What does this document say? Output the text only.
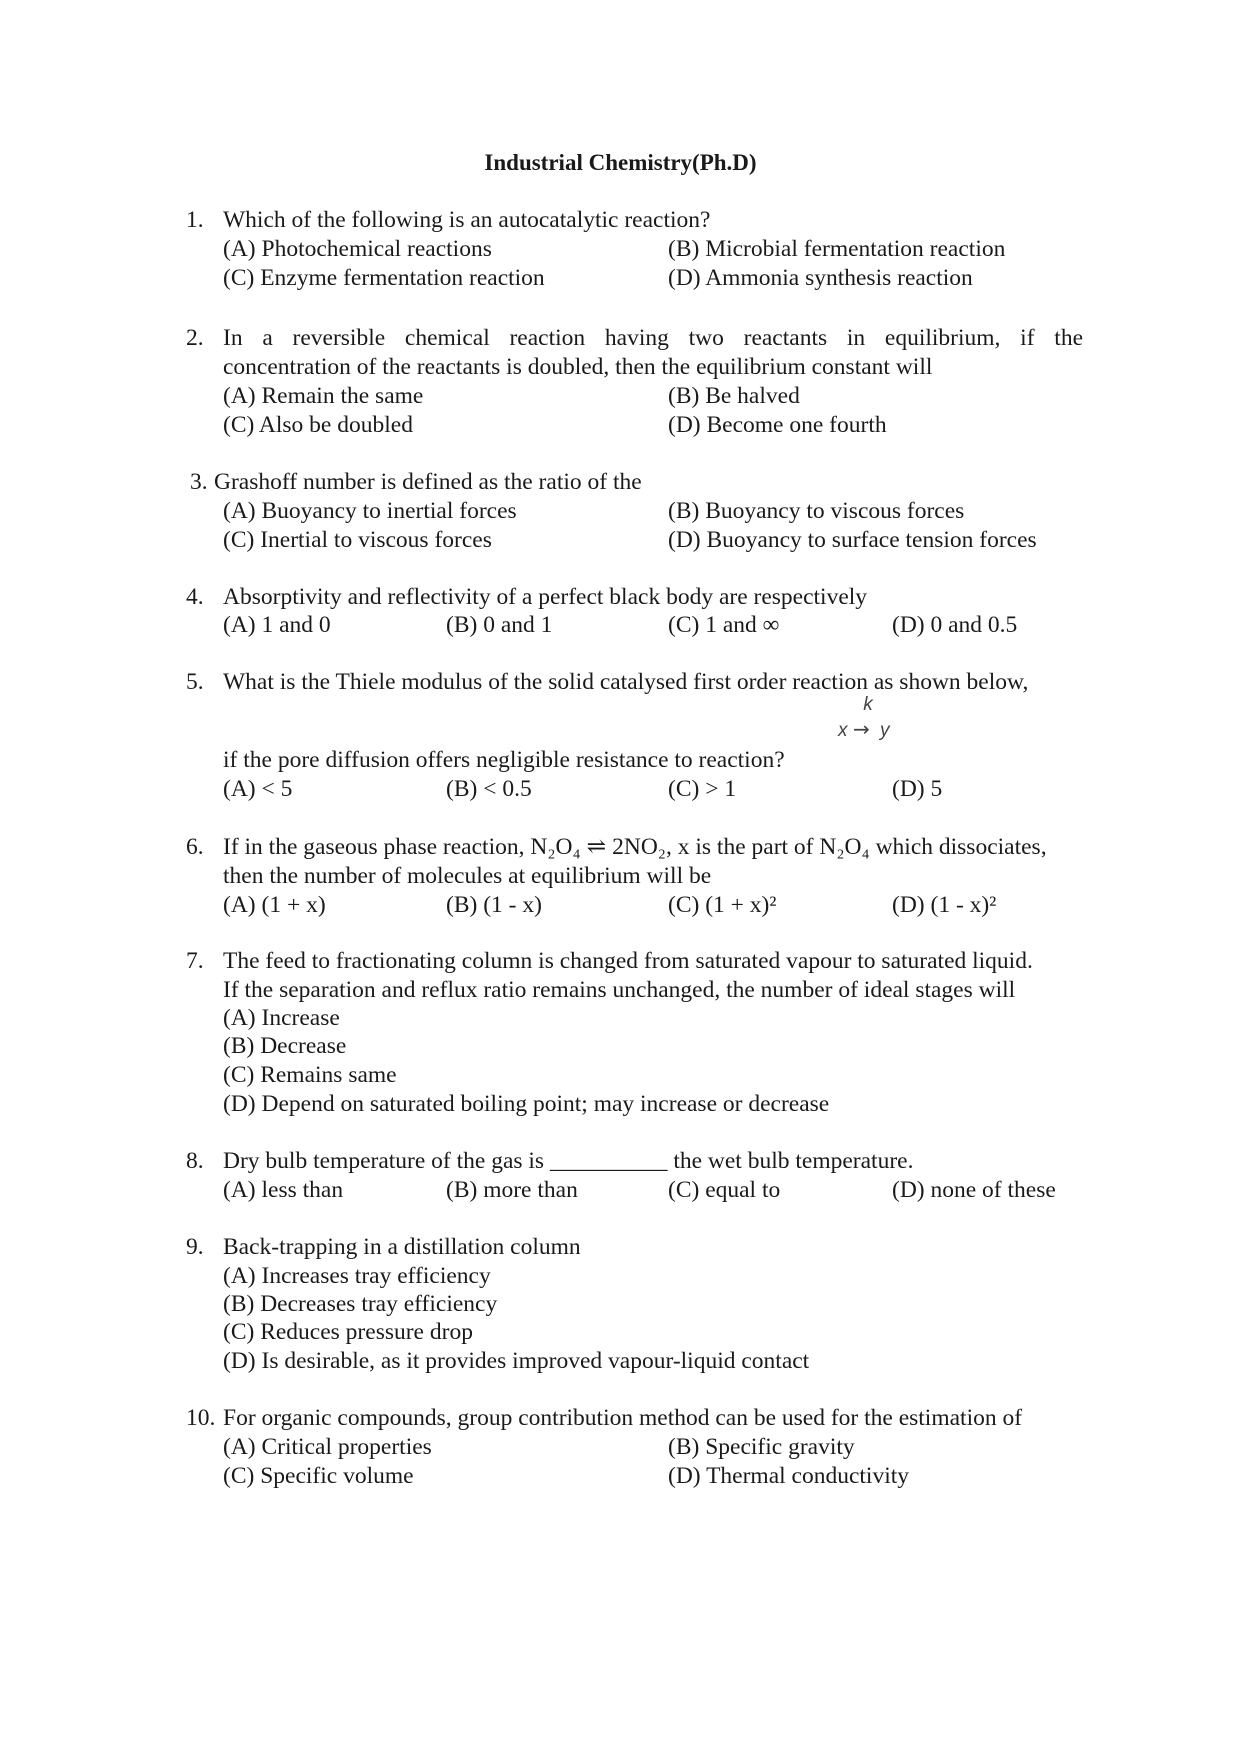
Industrial Chemistry(Ph.D)
1. Which of the following is an autocatalytic reaction?
(A) Photochemical reactions	(B) Microbial fermentation reaction
(C) Enzyme fermentation reaction	(D) Ammonia synthesis reaction
2. In a reversible chemical reaction having two reactants in equilibrium, if the
concentration of the reactants is doubled, then the equilibrium constant will
(A) Remain the same	(B) Be halved
(C) Also be doubled	(D) Become one fourth
3. Grashoff number is defined as the ratio of the
(A) Buoyancy to inertial forces	(B) Buoyancy to viscous forces
(C) Inertial to viscous forces	(D) Buoyancy to surface tension forces
4. Absorptivity and reflectivity of a perfect black body are respectively
(A) 1 and 0	(B) 0 and 1	(C) 1 and ∞	(D) 0 and 0.5
5. What is the Thiele modulus of the solid catalysed first order reaction as shown below,
k
x → y
if the pore diffusion offers negligible resistance to reaction?
(A) < 5	(B) < 0.5	(C) > 1	(D) 5
6. If in the gaseous phase reaction, N₂O₄ ⇌ 2NO₂, x is the part of N₂O₄ which dissociates,
then the number of molecules at equilibrium will be
(A) (1 + x)	(B) (1 - x)	(C) (1 + x)²	(D) (1 - x)²
7. The feed to fractionating column is changed from saturated vapour to saturated liquid.
If the separation and reflux ratio remains unchanged, the number of ideal stages will
(A) Increase
(B) Decrease
(C) Remains same
(D) Depend on saturated boiling point; may increase or decrease
8. Dry bulb temperature of the gas is __________ the wet bulb temperature.
(A) less than	(B) more than	(C) equal to	(D) none of these
9. Back-trapping in a distillation column
(A) Increases tray efficiency
(B) Decreases tray efficiency
(C) Reduces pressure drop
(D) Is desirable, as it provides improved vapour-liquid contact
10. For organic compounds, group contribution method can be used for the estimation of
(A) Critical properties	(B) Specific gravity
(C) Specific volume	(D) Thermal conductivity
